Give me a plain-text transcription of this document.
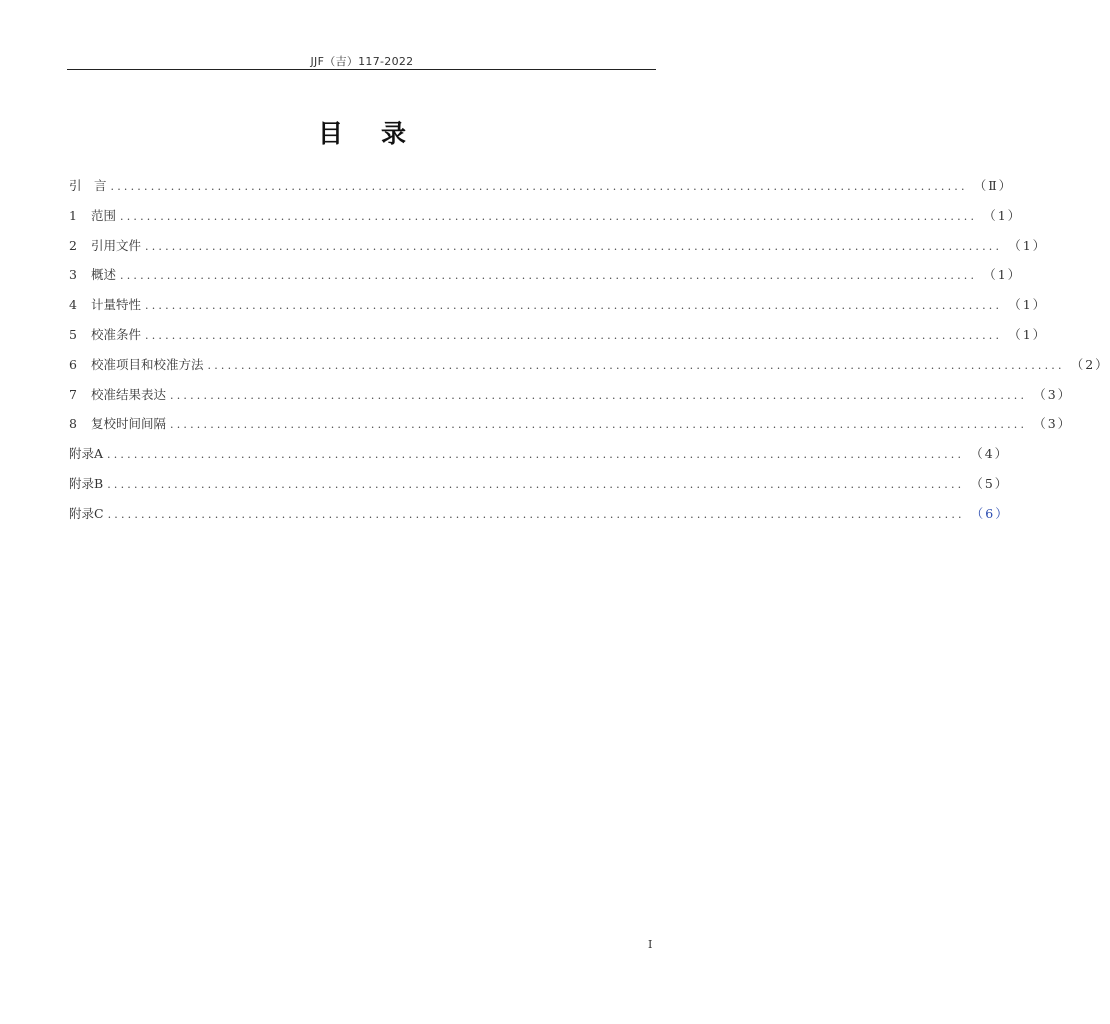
JJF（吉）117-2022
目录
引　言 ................................................................................................................................ （Ⅱ）
1	范围 ................................................................................................................................ （1）
2	引用文件 ................................................................................................................................ （1）
3	概述 ................................................................................................................................ （1）
4	计量特性 ................................................................................................................................ （1）
5	校准条件 ................................................................................................................................ （1）
6	校准项目和校准方法 ................................................................................................................................ （2）
7	校准结果表达 ................................................................................................................................ （3）
8	复校时间间隔 ................................................................................................................................ （3）
附录A ................................................................................................................................ （4）
附录B ................................................................................................................................ （5）
附录C ................................................................................................................................ （6）
I
